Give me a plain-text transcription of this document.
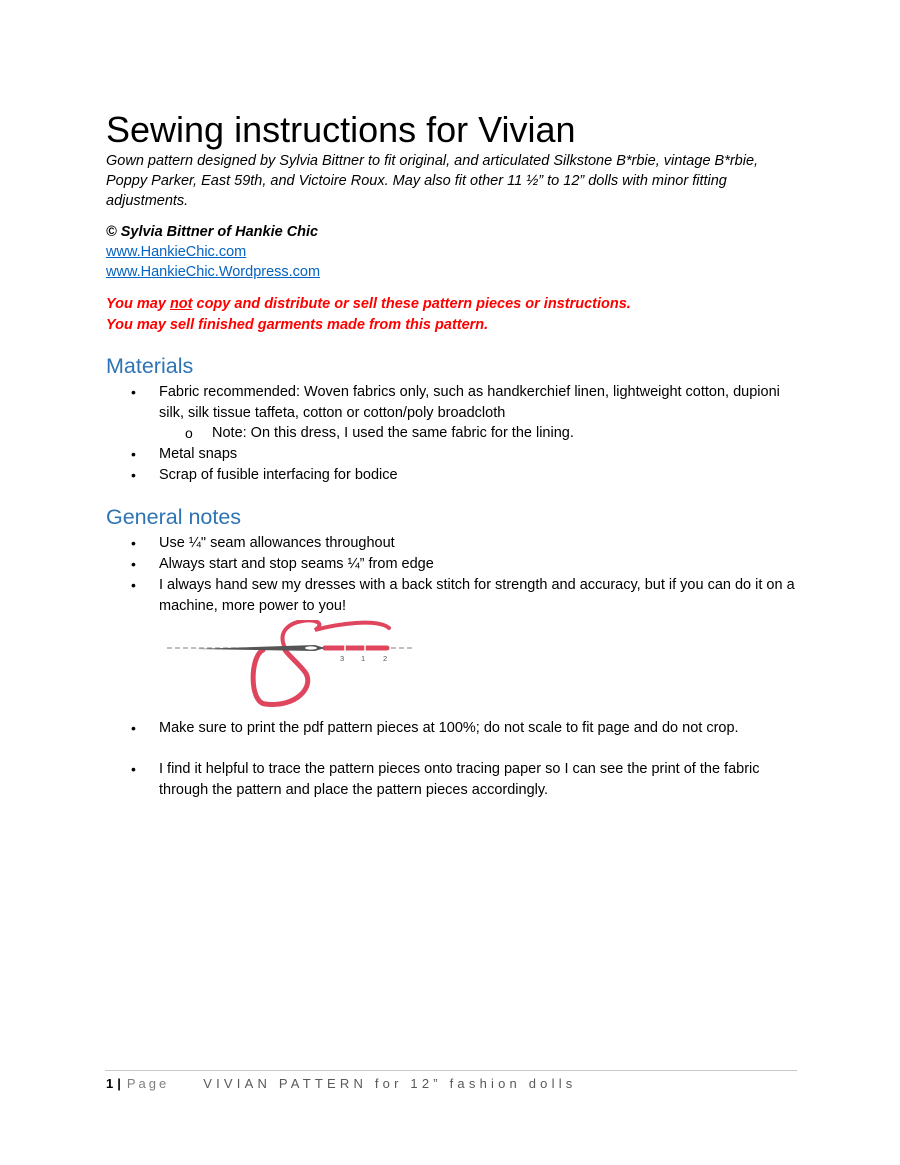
Sewing instructions for Vivian

Gown pattern designed by Sylvia Bittner to fit original, and articulated Silkstone B*rbie, vintage B*rbie, Poppy Parker, East 59th, and Victoire Roux. May also fit other 11 ½” to 12” dolls with minor fitting adjustments.

© Sylvia Bittner of Hankie Chic
www.HankieChic.com
www.HankieChic.Wordpress.com
You may not copy and distribute or sell these pattern pieces or instructions.
You may sell finished garments made from this pattern.
Materials
• Fabric recommended: Woven fabrics only, such as handkerchief linen, lightweight cotton, dupioni silk, silk tissue taffeta, cotton or cotton/poly broadcloth
o Note: On this dress, I used the same fabric for the lining.
• Metal snaps
• Scrap of fusible interfacing for bodice
General notes
• Use ¼" seam allowances throughout
• Always start and stop seams ¼” from edge
• I always hand sew my dresses with a back stitch for strength and accuracy, but if you can do it on a machine, more power to you!
3 1 2
• Make sure to print the pdf pattern pieces at 100%; do not scale to fit page and do not crop.
• I find it helpful to trace the pattern pieces onto tracing paper so I can see the print of the fabric through the pattern and place the pattern pieces accordingly.
1 | Page	VIVIAN PATTERN for 12” fashion dolls
